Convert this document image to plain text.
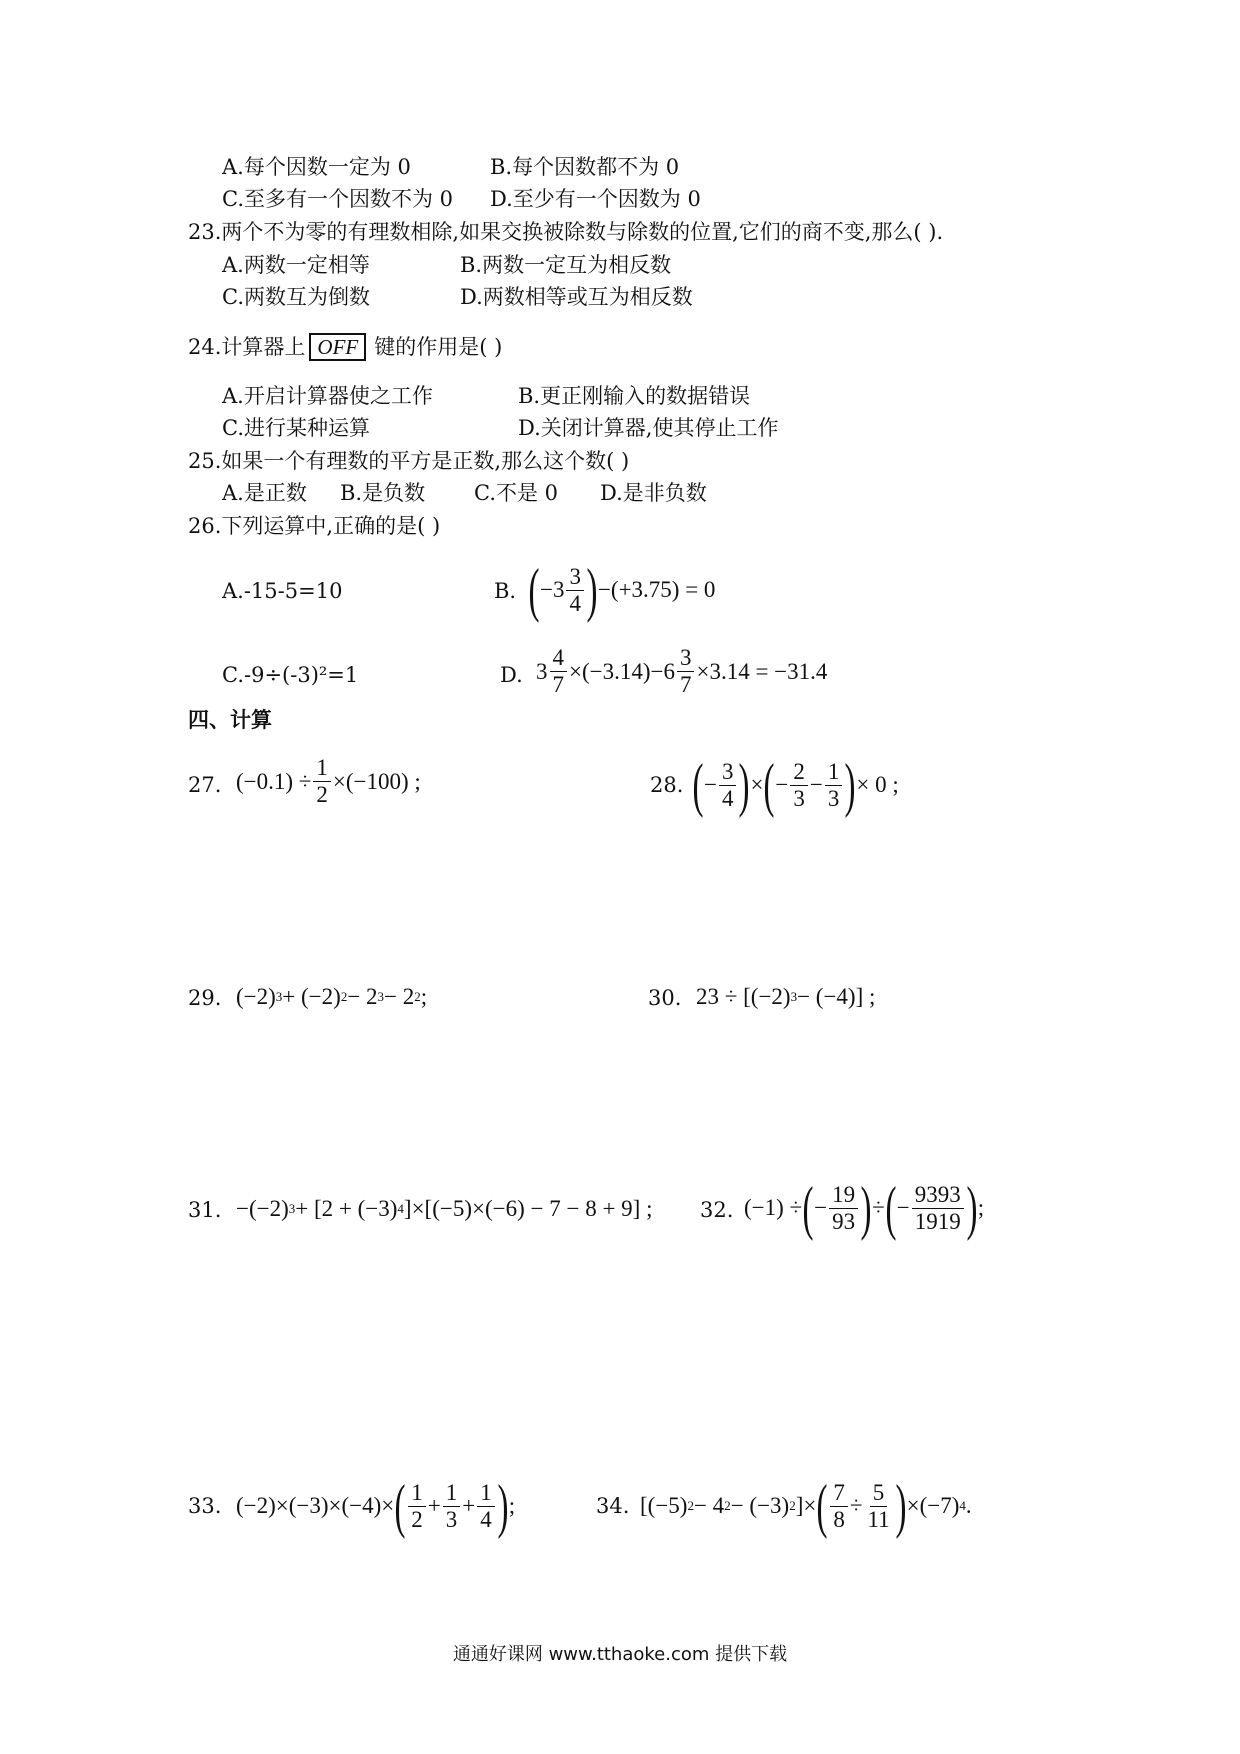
A.每个因数一定为 0	B.每个因数都不为 0
C.至多有一个因数不为 0 D.至少有一个因数为 0
23.两个不为零的有理数相除,如果交换被除数与除数的位置,它们的商不变,那么( ).
A.两数一定相等	B.两数一定互为相反数
C.两数互为倒数	D.两数相等或互为相反数
24.计算器上 OFF 键的作用是( )
A.开启计算器使之工作	B.更正刚输入的数据错误
C.进行某种运算	D.关闭计算器,使其停止工作
25.如果一个有理数的平方是正数,那么这个数( )
A.是正数 B.是负数 C.不是 0 D.是非负数
26.下列运算中,正确的是( )
A.-15-5=10	B. ( $-3 \frac{3}{4}$ ) −(+3.75) = 0
C.-9÷(-3)²=1	D. $3 \frac{4}{7} \times(-3.14)-6 \frac{3}{7} \times 3.14 = -31.4$
四、计算
27. $(-0.1) \div \frac{1}{2} \times(-100)$ ;	28. ( − $\frac{3}{4}$ ) × ( − $\frac{2}{3} - \frac{1}{3}$ ) × 0 ;
29. (−2) 3 + (−2) 2 − 2 3 − 2 2 ;	30. 23 ÷ [(−2) 3 − (−4)] ;
31. −(−2) 3 + [2 + (−3) 4 ]×[(−5)×(−6) − 7 − 8 + 9] ; 32. (−1) ÷ ( − $\frac{19}{93}$ ) ÷ ( − $\frac{9393}{1919}$ ) ;
33. (−2)×(−3)×(−4)× ( $\frac{1}{2} + \frac{1}{3} + \frac{1}{4}$ ) ;	34. [(−5) 2 − 4 2 − (−3) 2 ]× ( $\frac{7}{8} \div \frac{5}{11}$ ) ×(−7) 4 .
通通好课网 www.tthaoke.com 提供下载
